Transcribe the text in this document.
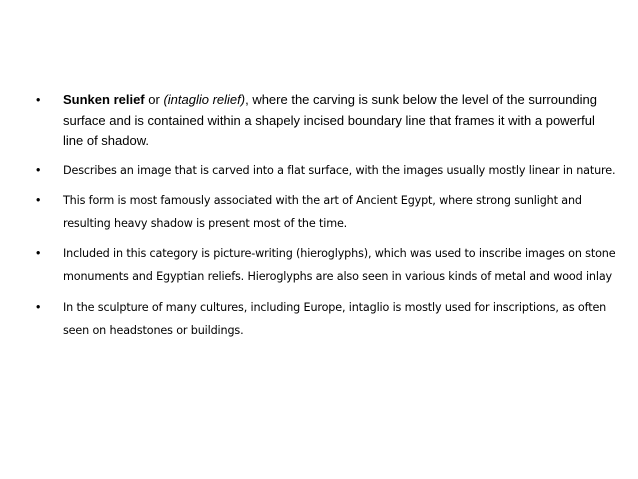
• Sunken relief or (intaglio relief), where the carving is sunk below the level of the surrounding surface and is contained within a shapely incised boundary line that frames it with a powerful line of shadow.
• Describes an image that is carved into a flat surface, with the images usually mostly linear in nature.
• This form is most famously associated with the art of Ancient Egypt, where strong sunlight and resulting heavy shadow is present most of the time.
• Included in this category is picture-writing (hieroglyphs), which was used to inscribe images on stone monuments and Egyptian reliefs. Hieroglyphs are also seen in various kinds of metal and wood inlay
• In the sculpture of many cultures, including Europe, intaglio is mostly used for inscriptions, as often seen on headstones or buildings.
